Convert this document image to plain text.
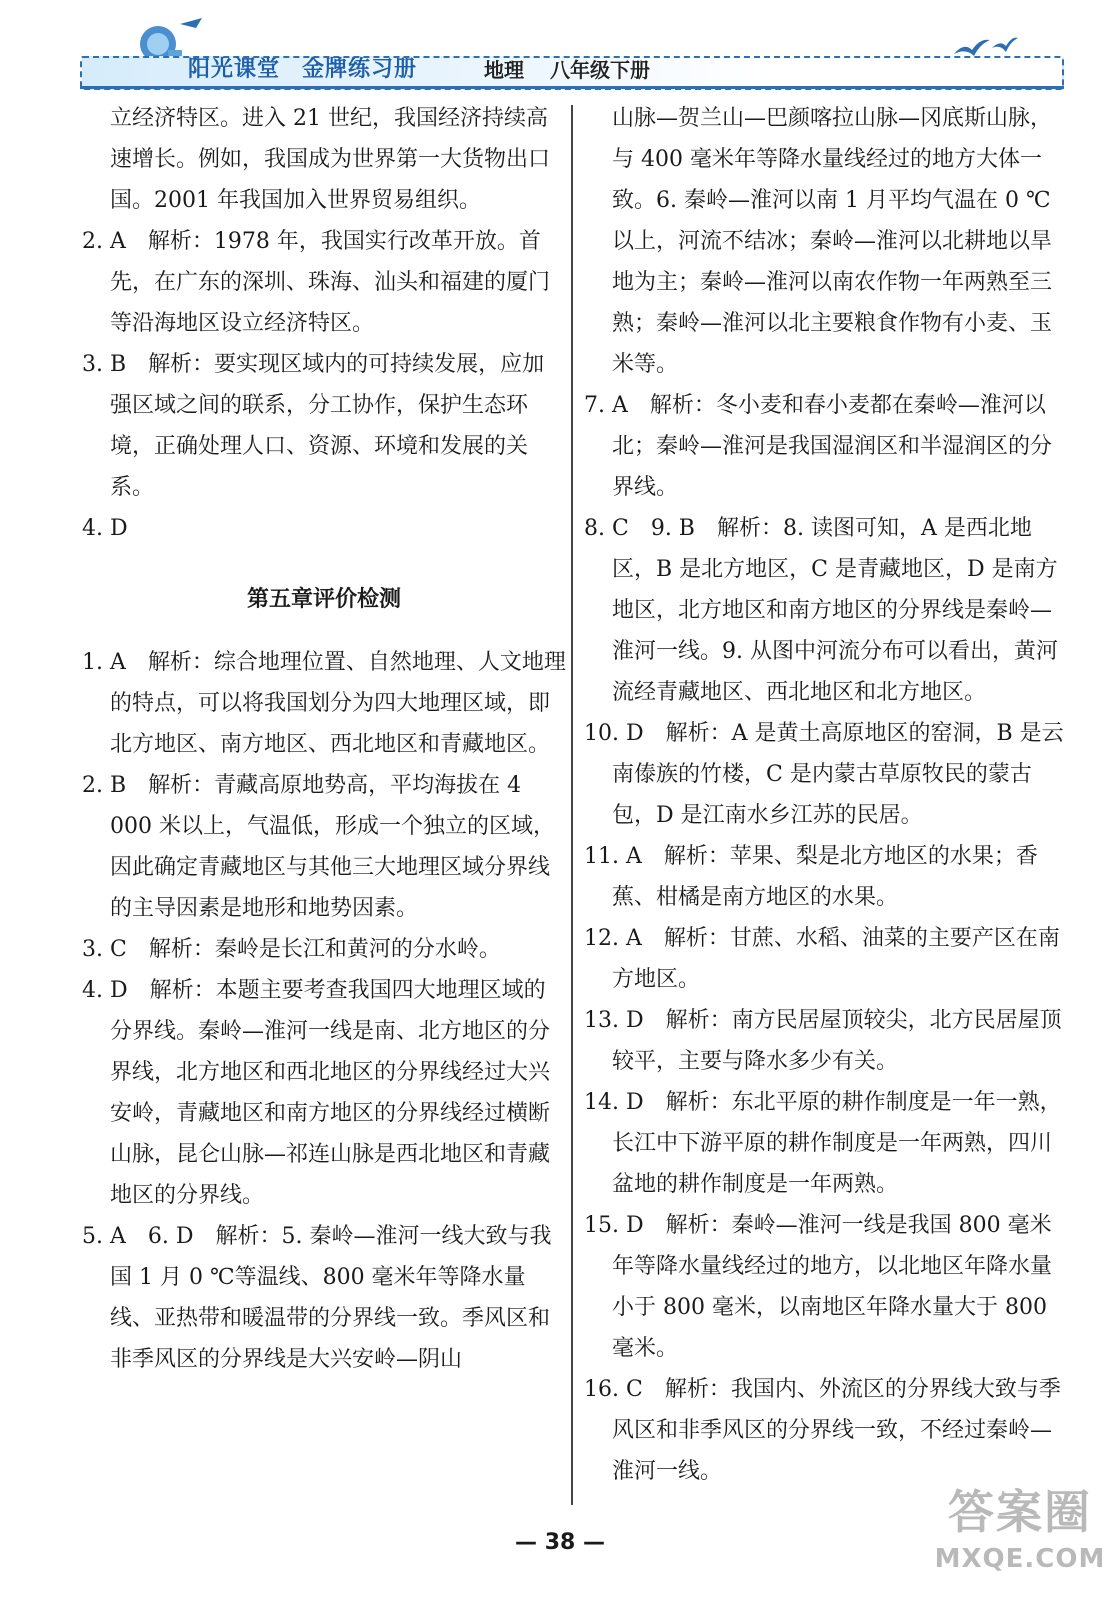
阳光课堂 金牌练习册	地理 八年级下册

立经济特区。进入 21 世纪，我国经济持续高速增长。例如，我国成为世界第一大货物出口国。2001 年我国加入世界贸易组织。

2. A　解析：1978 年，我国实行改革开放。首先，在广东的深圳、珠海、汕头和福建的厦门等沿海地区设立经济特区。

3. B　解析：要实现区域内的可持续发展，应加强区域之间的联系，分工协作，保护生态环境，正确处理人口、资源、环境和发展的关系。

4. D

第五章评价检测

1. A　解析：综合地理位置、自然地理、人文地理的特点，可以将我国划分为四大地理区域，即北方地区、南方地区、西北地区和青藏地区。

2. B　解析：青藏高原地势高，平均海拔在 4 000 米以上，气温低，形成一个独立的区域，因此确定青藏地区与其他三大地理区域分界线的主导因素是地形和地势因素。

3. C　解析：秦岭是长江和黄河的分水岭。

4. D　解析：本题主要考查我国四大地理区域的分界线。秦岭—淮河一线是南、北方地区的分界线，北方地区和西北地区的分界线经过大兴安岭，青藏地区和南方地区的分界线经过横断山脉，昆仑山脉—祁连山脉是西北地区和青藏地区的分界线。

5. A　6. D　解析：5. 秦岭—淮河一线大致与我国 1 月 0 ℃等温线、800 毫米年等降水量线、亚热带和暖温带的分界线一致。季风区和非季风区的分界线是大兴安岭—阴山

山脉—贺兰山—巴颜喀拉山脉—冈底斯山脉，与 400 毫米年等降水量线经过的地方大体一致。6. 秦岭—淮河以南 1 月平均气温在 0 ℃以上，河流不结冰；秦岭—淮河以北耕地以旱地为主；秦岭—淮河以南农作物一年两熟至三熟；秦岭—淮河以北主要粮食作物有小麦、玉米等。

7. A　解析：冬小麦和春小麦都在秦岭—淮河以北；秦岭—淮河是我国湿润区和半湿润区的分界线。

8. C　9. B　解析：8. 读图可知，A 是西北地区，B 是北方地区，C 是青藏地区，D 是南方地区，北方地区和南方地区的分界线是秦岭—淮河一线。9. 从图中河流分布可以看出，黄河流经青藏地区、西北地区和北方地区。

10. D　解析：A 是黄土高原地区的窑洞，B 是云南傣族的竹楼，C 是内蒙古草原牧民的蒙古包，D 是江南水乡江苏的民居。

11. A　解析：苹果、梨是北方地区的水果；香蕉、柑橘是南方地区的水果。

12. A　解析：甘蔗、水稻、油菜的主要产区在南方地区。

13. D　解析：南方民居屋顶较尖，北方民居屋顶较平，主要与降水多少有关。

14. D　解析：东北平原的耕作制度是一年一熟，长江中下游平原的耕作制度是一年两熟，四川盆地的耕作制度是一年两熟。

15. D　解析：秦岭—淮河一线是我国 800 毫米年等降水量线经过的地方，以北地区年降水量小于 800 毫米，以南地区年降水量大于 800 毫米。

16. C　解析：我国内、外流区的分界线大致与季风区和非季风区的分界线一致，不经过秦岭—淮河一线。

— 38 —
答案圈
MXQE.COM
